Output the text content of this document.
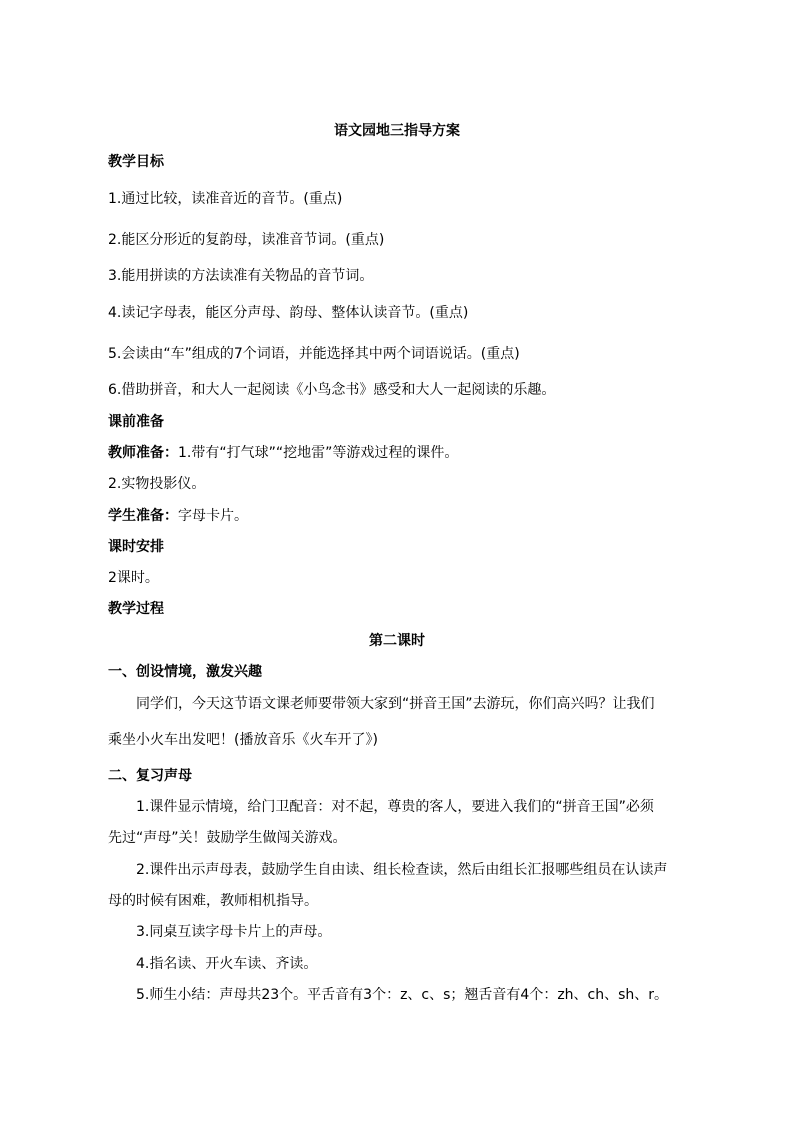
语文园地三指导方案
教学目标
1.通过比较，读准音近的音节。(重点)
2.能区分形近的复韵母，读准音节词。(重点)
3.能用拼读的方法读准有关物品的音节词。
4.读记字母表，能区分声母、韵母、整体认读音节。(重点)
5.会读由“车”组成的7个词语，并能选择其中两个词语说话。(重点)
6.借助拼音，和大人一起阅读《小鸟念书》感受和大人一起阅读的乐趣。
课前准备
教师准备：1.带有“打气球”“挖地雷”等游戏过程的课件。
2.实物投影仪。
学生准备：字母卡片。
课时安排
2课时。
教学过程
第二课时
一、创设情境，激发兴趣
同学们，今天这节语文课老师要带领大家到“拼音王国”去游玩，你们高兴吗？让我们
乘坐小火车出发吧！(播放音乐《火车开了》)
二、复习声母
1.课件显示情境，给门卫配音：对不起，尊贵的客人，要进入我们的“拼音王国”必须
先过“声母”关！鼓励学生做闯关游戏。
2.课件出示声母表，鼓励学生自由读、组长检查读，然后由组长汇报哪些组员在认读声
母的时候有困难，教师相机指导。
3.同桌互读字母卡片上的声母。
4.指名读、开火车读、齐读。
5.师生小结：声母共23个。平舌音有3个：z、c、s；翘舌音有4个：zh、ch、sh、r。
